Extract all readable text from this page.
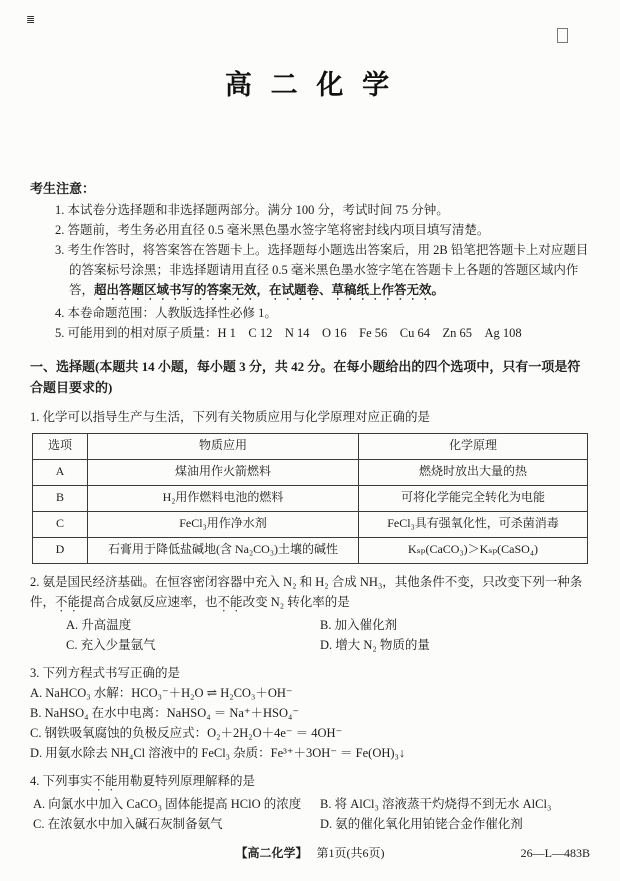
≣
高 二 化 学
考生注意：
1. 本试卷分选择题和非选择题两部分。满分 100 分，考试时间 75 分钟。
2. 答题前，考生务必用直径 0.5 毫米黑色墨水签字笔将密封线内项目填写清楚。
3. 考生作答时，将答案答在答题卡上。选择题每小题选出答案后，用 2B 铅笔把答题卡上对应题目的答案标号涂黑；非选择题请用直径 0.5 毫米黑色墨水签字笔在答题卡上各题的答题区域内作答，超出答题区域书写的答案无效，在试题卷、草稿纸上作答无效。
4. 本卷命题范围：人教版选择性必修 1。
5. 可能用到的相对原子质量：H 1　C 12　N 14　O 16　Fe 56　Cu 64　Zn 65　Ag 108
一、选择题(本题共 14 小题，每小题 3 分，共 42 分。在每小题给出的四个选项中，只有一项是符合题目要求的)
1. 化学可以指导生产与生活，下列有关物质应用与化学原理对应正确的是
选项	物质应用	化学原理
A	煤油用作火箭燃料	燃烧时放出大量的热
B	H₂用作燃料电池的燃料	可将化学能完全转化为电能
C	FeCl₃用作净水剂	FeCl₃具有强氧化性，可杀菌消毒
D	石膏用于降低盐碱地(含 Na₂CO₃)土壤的碱性	Kₛₚ(CaCO₃)＞Kₛₚ(CaSO₄)
2. 氨是国民经济基础。在恒容密闭容器中充入 N₂ 和 H₂ 合成 NH₃，其他条件不变，只改变下列一种条件，不能提高合成氨反应速率，也不能改变 N₂ 转化率的是
A. 升高温度	B. 加入催化剂
C. 充入少量氩气	D. 增大 N₂ 物质的量
3. 下列方程式书写正确的是
A. NaHCO₃ 水解：HCO₃⁻＋H₂O ⇌ H₂CO₃＋OH⁻
B. NaHSO₄ 在水中电离：NaHSO₄ ＝ Na⁺＋HSO₄⁻
C. 钢铁吸氧腐蚀的负极反应式：O₂＋2H₂O＋4e⁻ ＝ 4OH⁻
D. 用氨水除去 NH₄Cl 溶液中的 FeCl₃ 杂质：Fe³⁺＋3OH⁻ ＝ Fe(OH)₃↓
4. 下列事实不能用勒夏特列原理解释的是
A. 向氯水中加入 CaCO₃ 固体能提高 HClO 的浓度	B. 将 AlCl₃ 溶液蒸干灼烧得不到无水 AlCl₃
C. 在浓氨水中加入碱石灰制备氨气	D. 氨的催化氧化用铂铑合金作催化剂
【高二化学】 第1页(共6页)	26—L—483B
